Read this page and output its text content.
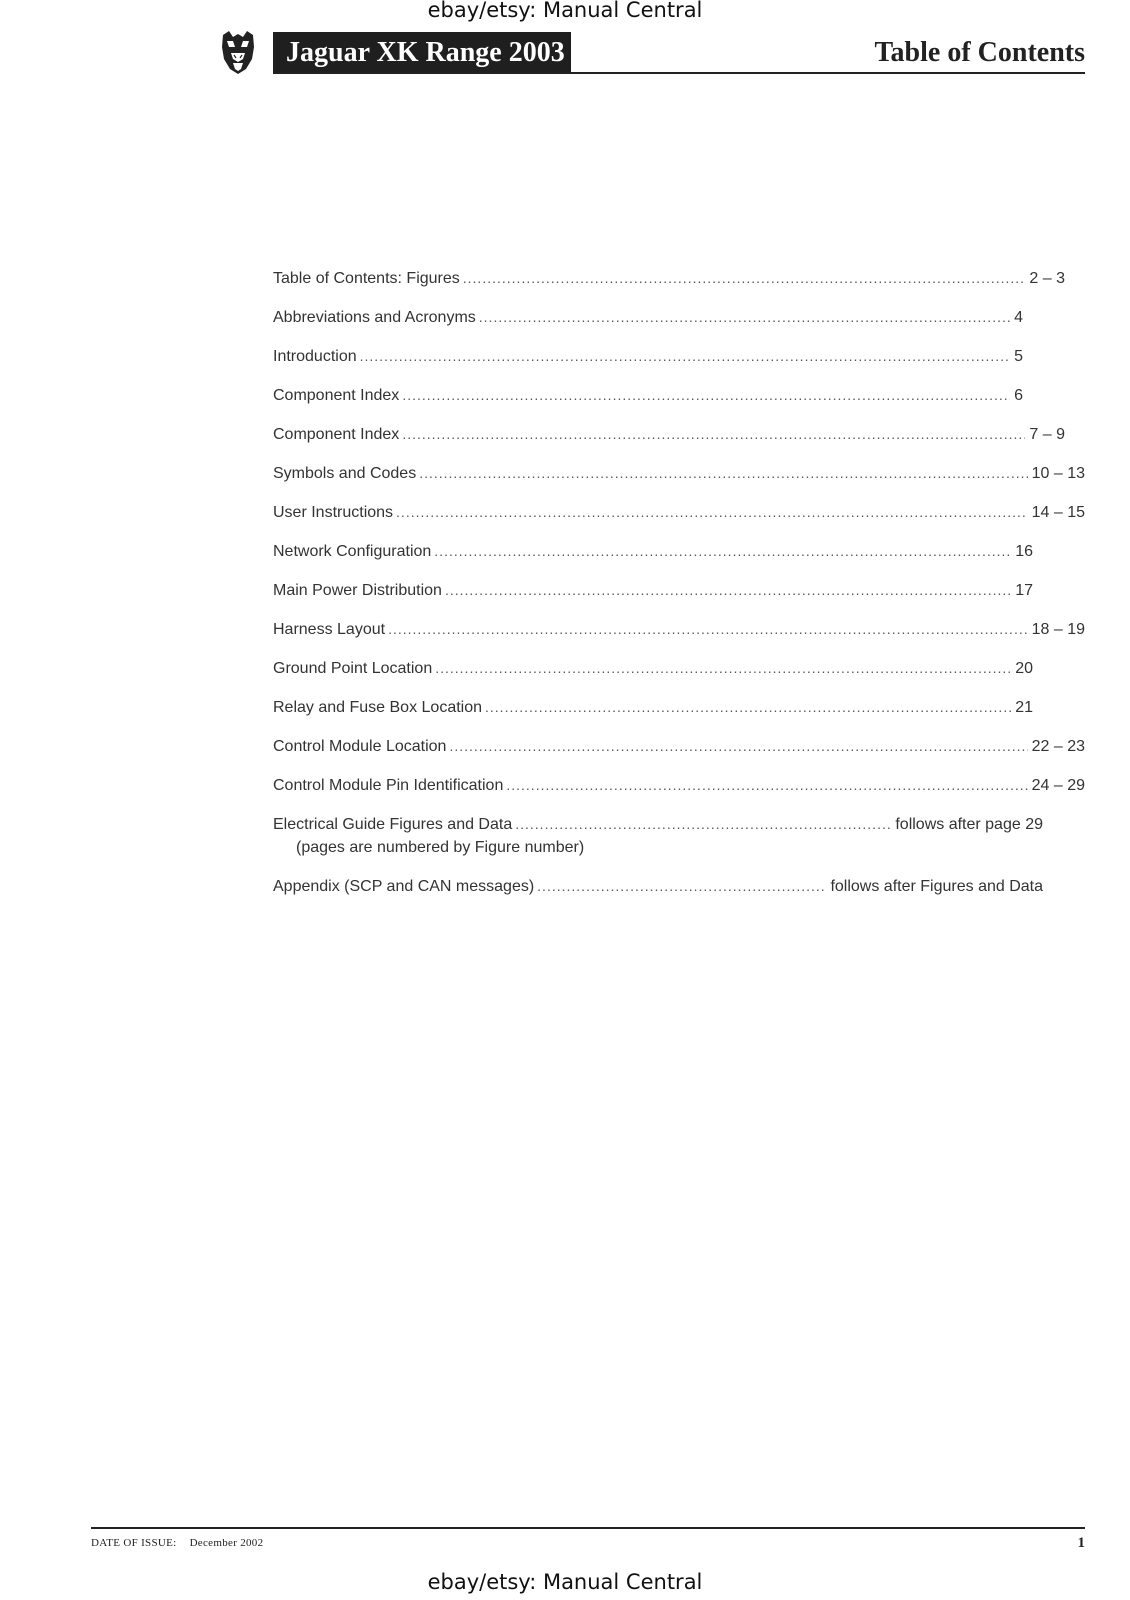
ebay/etsy: Manual Central
Jaguar XK Range 2003	Table of Contents
Table of Contents: Figures .....	2 – 3
Abbreviations and Acronyms .....	4
Introduction .....	5
Component Index .....	6
Component Index .....	7 – 9
Symbols and Codes .....	10 – 13
User Instructions .....	14 – 15
Network Configuration .....	16
Main Power Distribution .....	17
Harness Layout .....	18 – 19
Ground Point Location .....	20
Relay and Fuse Box Location .....	21
Control Module Location .....	22 – 23
Control Module Pin Identification .....	24 – 29
Electrical Guide Figures and Data .....	follows after page 29
(pages are numbered by Figure number)
Appendix (SCP and CAN messages) .....	follows after Figures and Data
DATE OF ISSUE: December 2002	1
ebay/etsy: Manual Central
